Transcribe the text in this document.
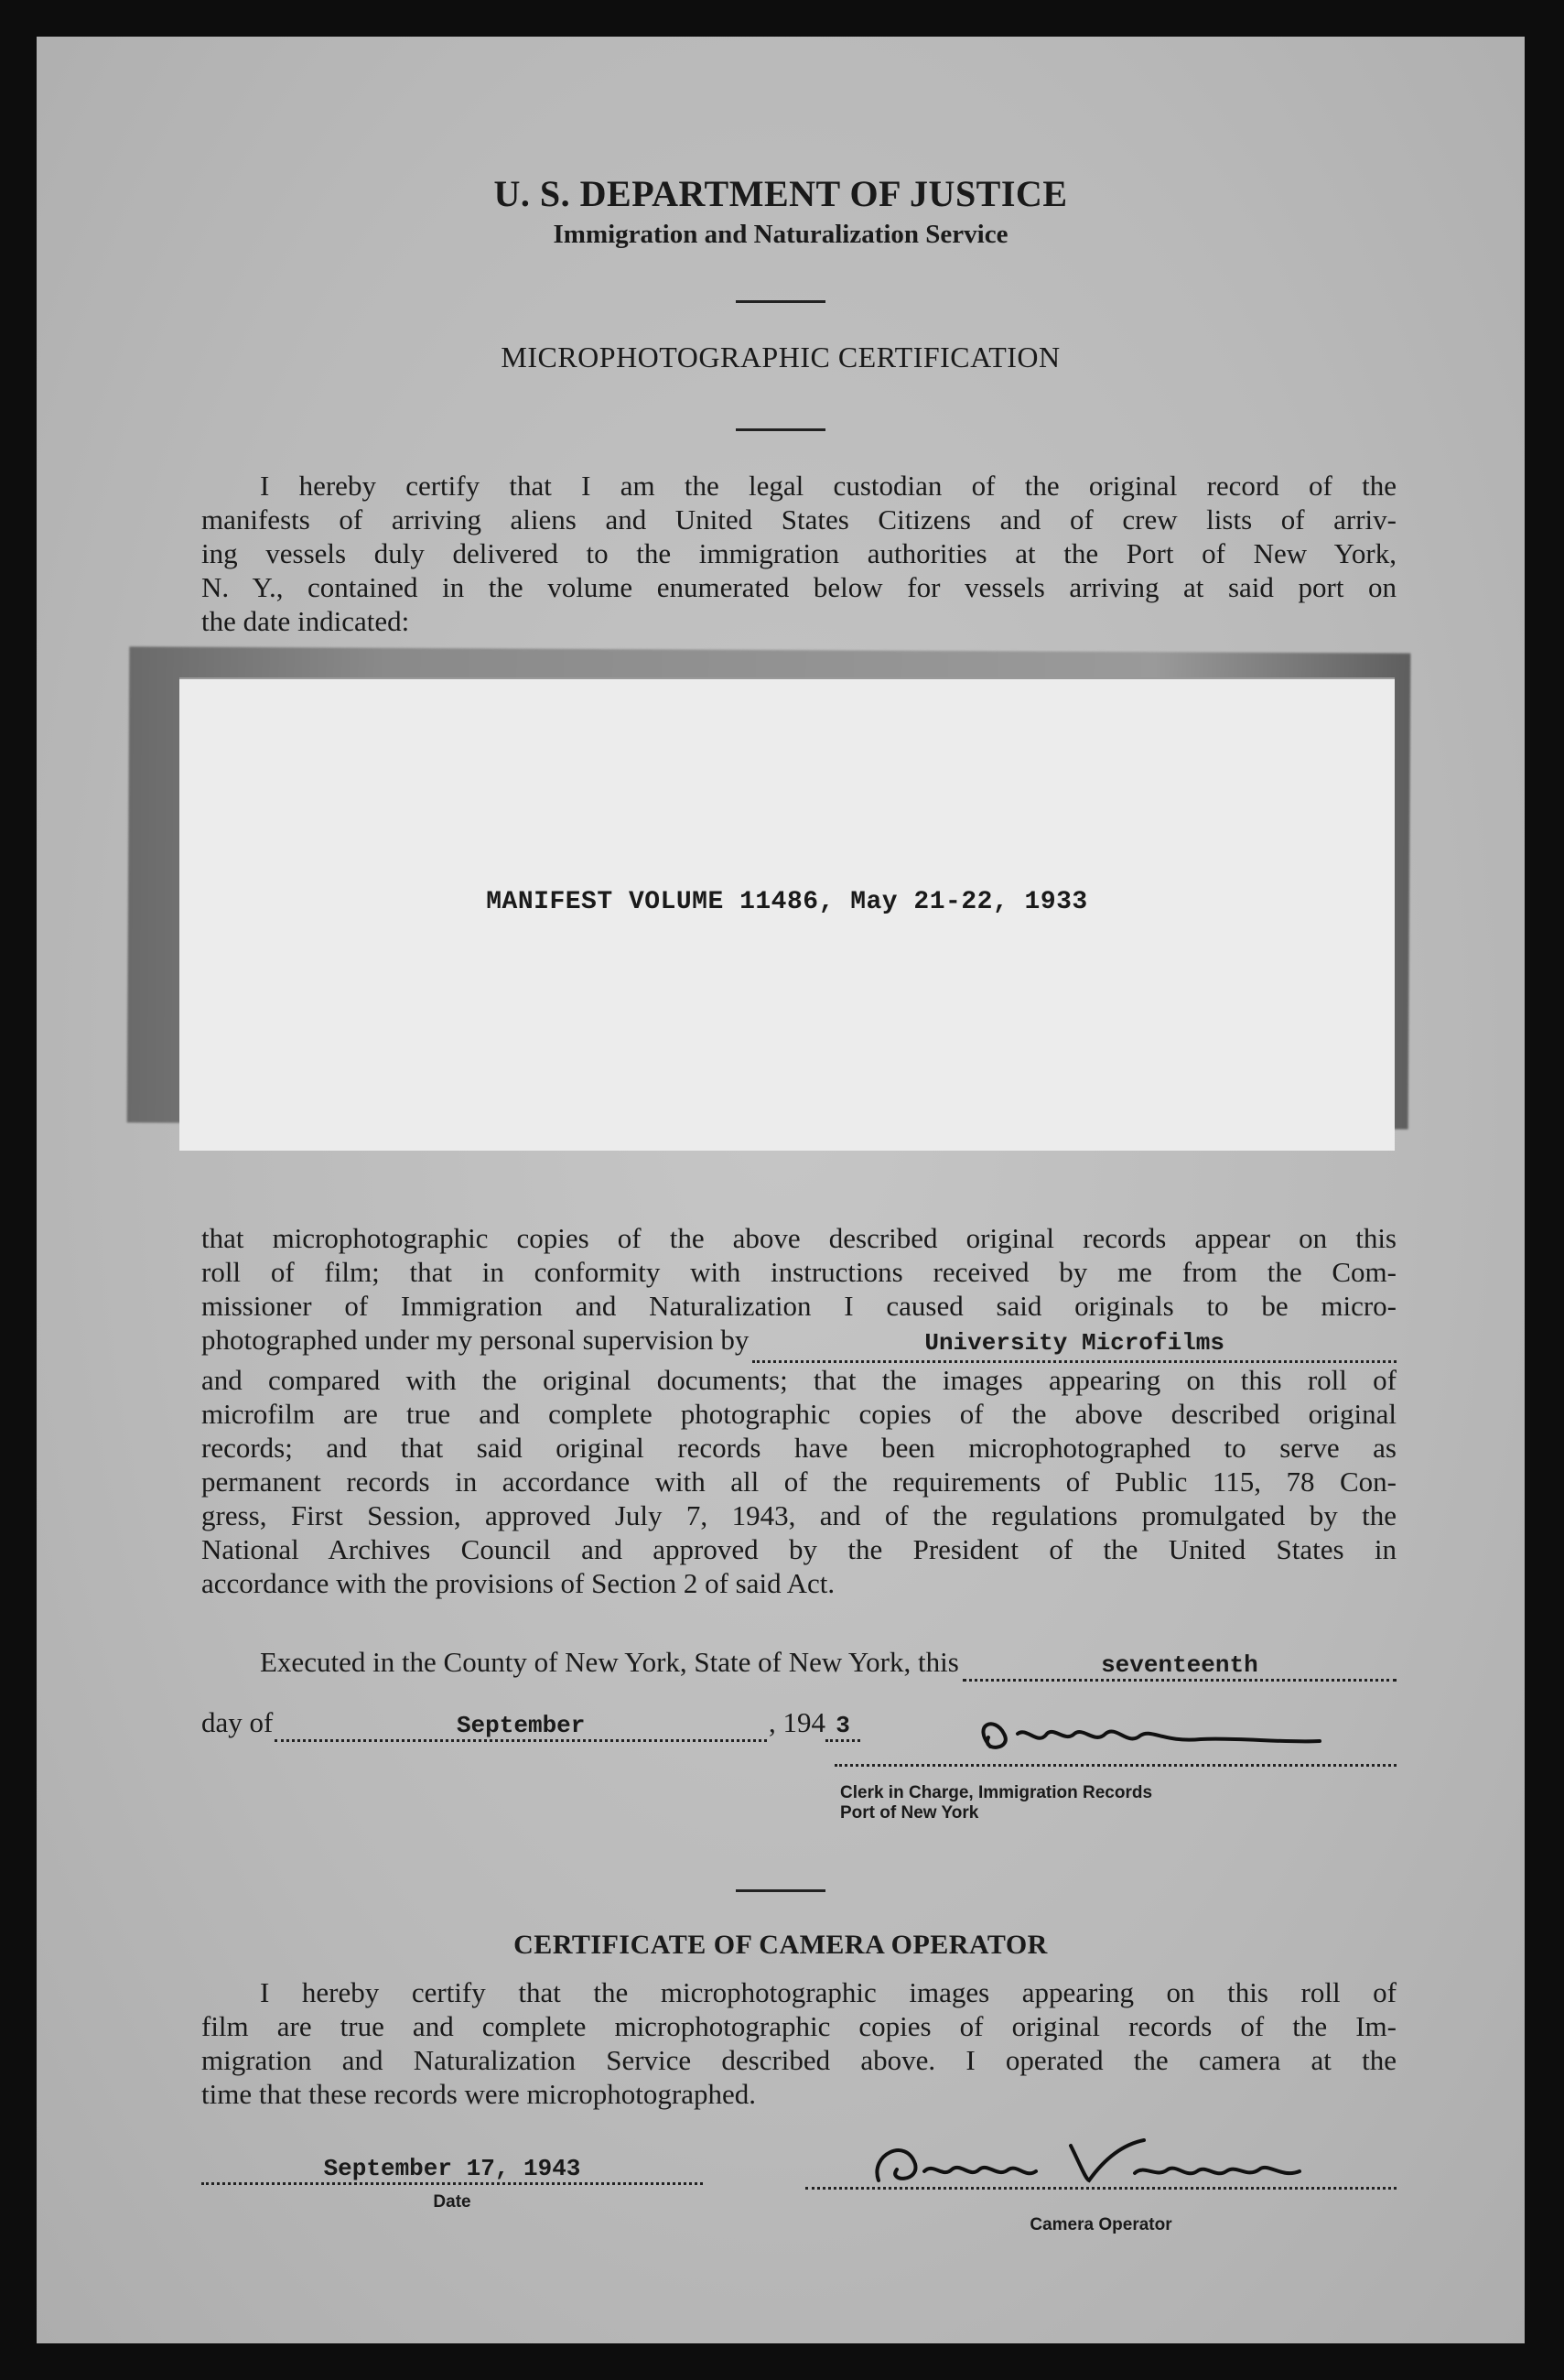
U. S. DEPARTMENT OF JUSTICE
Immigration and Naturalization Service
MICROPHOTOGRAPHIC CERTIFICATION
I hereby certify that I am the legal custodian of the original record of the
manifests of arriving aliens and United States Citizens and of crew lists of arriv-
ing vessels duly delivered to the immigration authorities at the Port of New York,
N. Y., contained in the volume enumerated below for vessels arriving at said port on
the date indicated:
MANIFEST VOLUME 11486, May 21-22, 1933
that microphotographic copies of the above described original records appear on this
roll of film; that in conformity with instructions received by me from the Com-
missioner of Immigration and Naturalization I caused said originals to be micro-
photographed under my personal supervision by	University Microfilms
and compared with the original documents; that the images appearing on this roll of
microfilm are true and complete photographic copies of the above described original
records; and that said original records have been microphotographed to serve as
permanent records in accordance with all of the requirements of Public 115, 78 Con-
gress, First Session, approved July 7, 1943, and of the regulations promulgated by the
National Archives Council and approved by the President of the United States in
accordance with the provisions of Section 2 of said Act.
Executed in the County of New York, State of New York, this	seventeenth
day of	September	, 194 3
Clerk in Charge, Immigration Records
Port of New York
CERTIFICATE OF CAMERA OPERATOR
I hereby certify that the microphotographic images appearing on this roll of
film are true and complete microphotographic copies of original records of the Im-
migration and Naturalization Service described above. I operated the camera at the
time that these records were microphotographed.
September 17, 1943
Date
Camera Operator
